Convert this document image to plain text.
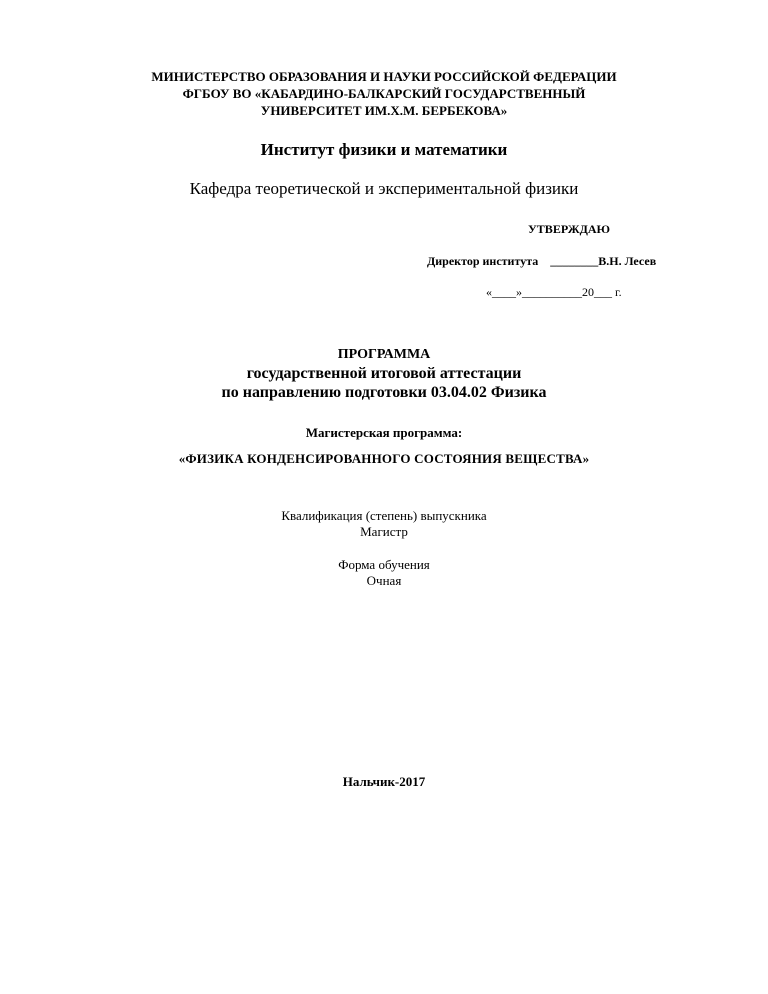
МИНИСТЕРСТВО ОБРАЗОВАНИЯ И НАУКИ РОССИЙСКОЙ ФЕДЕРАЦИИ
ФГБОУ ВО «КАБАРДИНО-БАЛКАРСКИЙ ГОСУДАРСТВЕННЫЙ
УНИВЕРСИТЕТ ИМ.Х.М. БЕРБЕКОВА»
Институт физики и математики
Кафедра теоретической и экспериментальной физики
УТВЕРЖДАЮ
Директор института ________В.Н. Лесев
«____»__________20___ г.
ПРОГРАММА
государственной итоговой аттестации
по направлению подготовки 03.04.02 Физика
Магистерская программа:
«ФИЗИКА КОНДЕНСИРОВАННОГО СОСТОЯНИЯ ВЕЩЕСТВА»
Квалификация (степень) выпускника
Магистр
Форма обучения
Очная
Нальчик-2017
